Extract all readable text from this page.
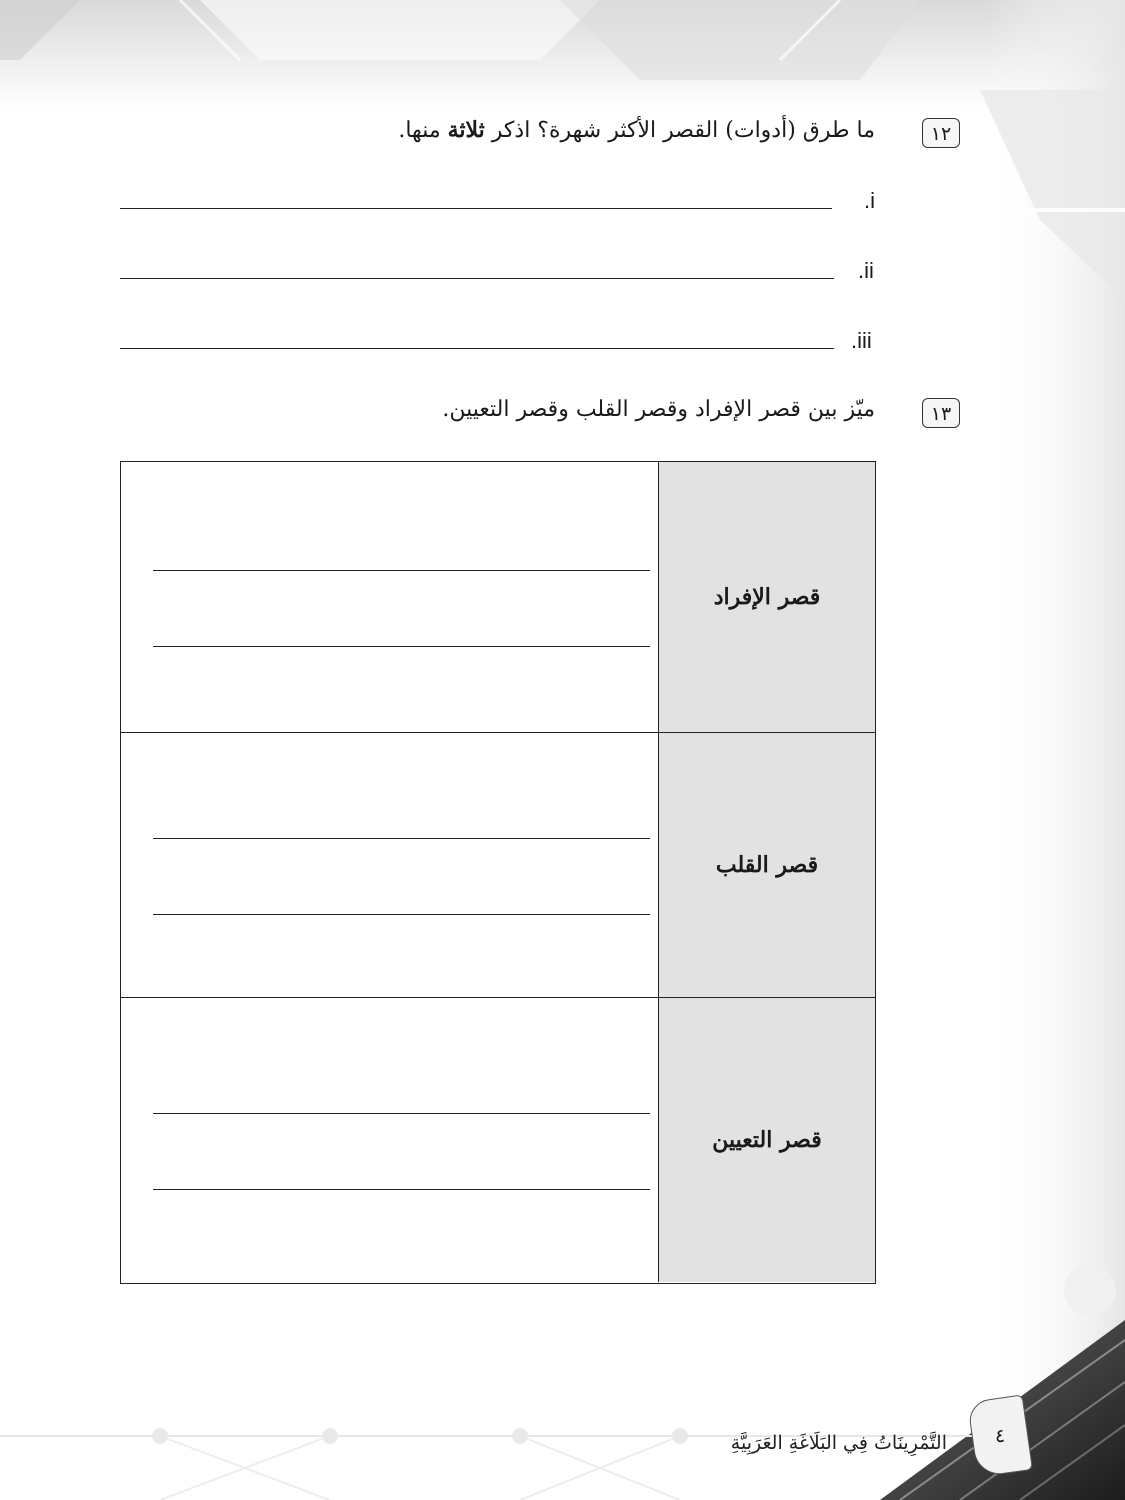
١٢
ما طرق (أدوات) القصر الأكثر شهرة؟ اذكر ثلاثة منها.
.i
.ii
.iii
١٣
ميّز بين قصر الإفراد وقصر القلب وقصر التعيين.
قصر الإفراد
قصر القلب
قصر التعيين
التَّمْرِينَاتُ فِي البَلَاغَةِ العَرَبِيَّةِ	٤
